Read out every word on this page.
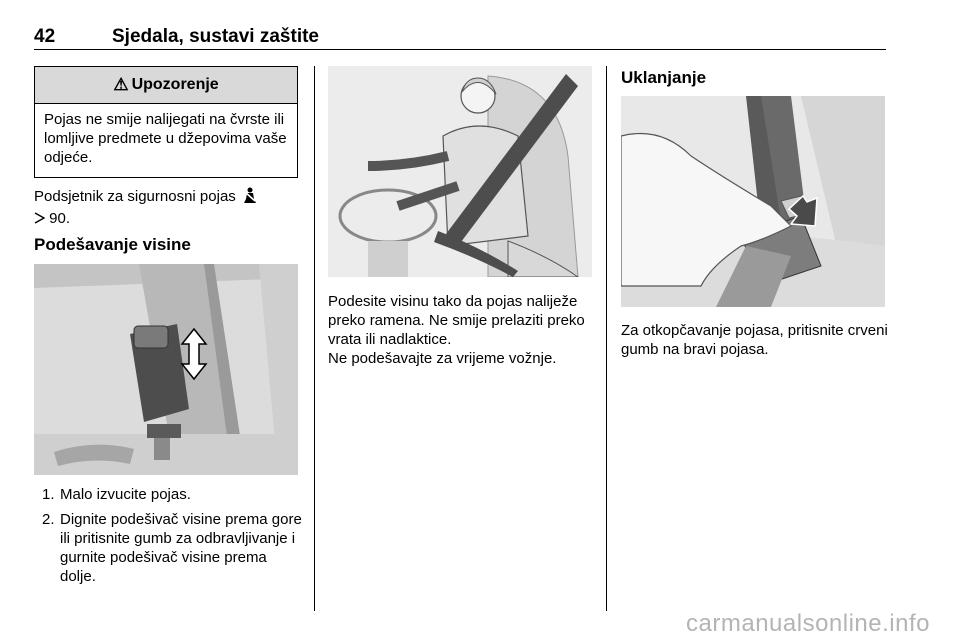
42	Sjedala, sustavi zaštite
⚠ Upozorenje
Pojas ne smije nalijegati na čvrste ili lomljive predmete u džepovima vaše odjeće.
Podsjetnik za sigurnosni pojas
90.
Podešavanje visine
1. Malo izvucite pojas.
2. Dignite podešivač visine prema gore ili pritisnite gumb za odbravljivanje i gurnite podešivač visine prema dolje.
Podesite visinu tako da pojas naliježe preko ramena. Ne smije prelaziti preko vrata ili nadlaktice.
Ne podešavajte za vrijeme vožnje.
Uklanjanje
Za otkopčavanje pojasa, pritisnite crveni gumb na bravi pojasa.
carmanualsonline.info
